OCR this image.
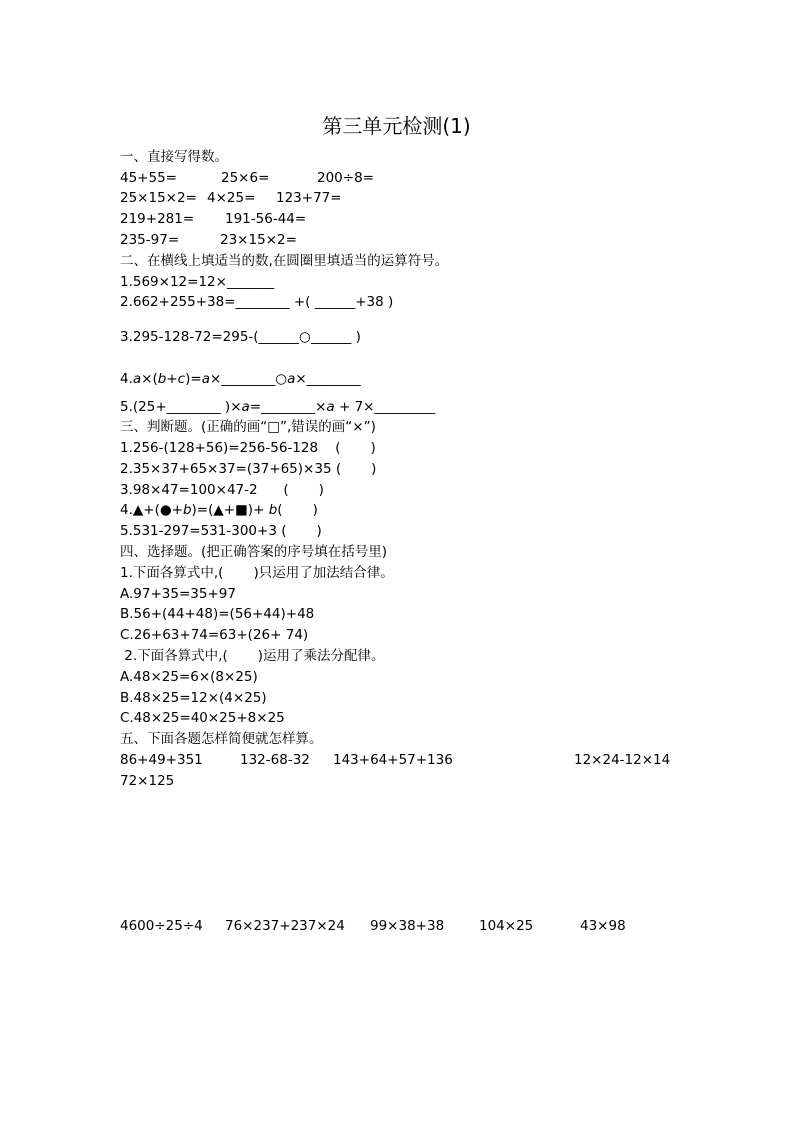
第三单元检测(1)
一、直接写得数。
45+55=	25×6=	200÷8=
25×15×2= 4×25= 123+77=
219+281= 191-56-44=
235-97=	23×15×2=
二、在横线上填适当的数,在圆圈里填适当的运算符号。
1.569×12=12×_______
2.662+255+38=________ +( ______+38 )
3.295-128-72=295-(______○______ )
4.a×(b+c)=a×________○a×________
5.(25+________ )×a=________×a + 7×_________
三、判断题。(正确的画“□”,错误的画“×”)
1.256-(128+56)=256-56-128    (       )
2.35×37+65×37=(37+65)×35 (       )
3.98×47=100×47-2      (       )
4.▲+(●+b)=(▲+■)+ b(       )
5.531-297=531-300+3 (       )
四、选择题。(把正确答案的序号填在括号里)
1.下面各算式中,(       )只运用了加法结合律。
A.97+35=35+97
B.56+(44+48)=(56+44)+48
C.26+63+74=63+(26+ 74)
2.下面各算式中,(       )运用了乘法分配律。
A.48×25=6×(8×25)
B.48×25=12×(4×25)
C.48×25=40×25+8×25
五、下面各题怎样简便就怎样算。
86+49+351	132-68-32 143+64+57+136	12×24-12×14
72×125
4600÷25÷4 76×237+237×24 99×38+38	104×25	43×98
